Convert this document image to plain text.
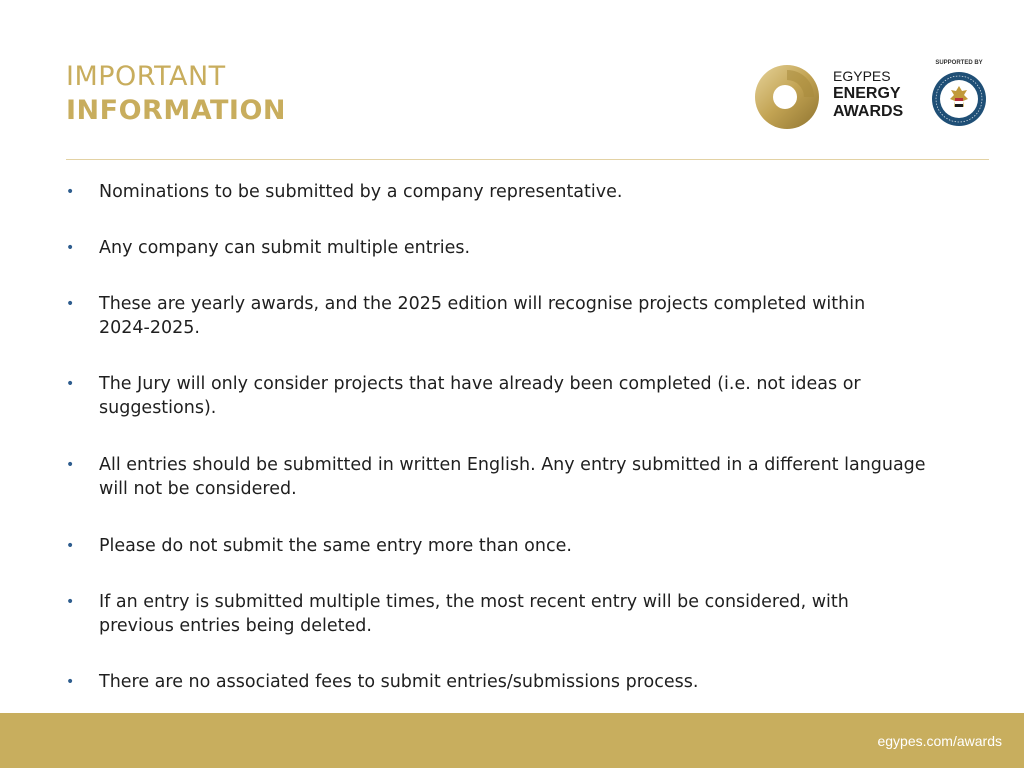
IMPORTANT
INFORMATION
EGYPES
ENERGY
AWARDS
SUPPORTED BY
• Nominations to be submitted by a company representative.
• Any company can submit multiple entries.
• These are yearly awards, and the 2025 edition will recognise projects completed within 2024-2025.
• The Jury will only consider projects that have already been completed (i.e. not ideas or suggestions).
• All entries should be submitted in written English. Any entry submitted in a different language will not be considered.
• Please do not submit the same entry more than once.
• If an entry is submitted multiple times, the most recent entry will be considered, with previous entries being deleted.
• There are no associated fees to submit entries/submissions process.
egypes.com/awards
